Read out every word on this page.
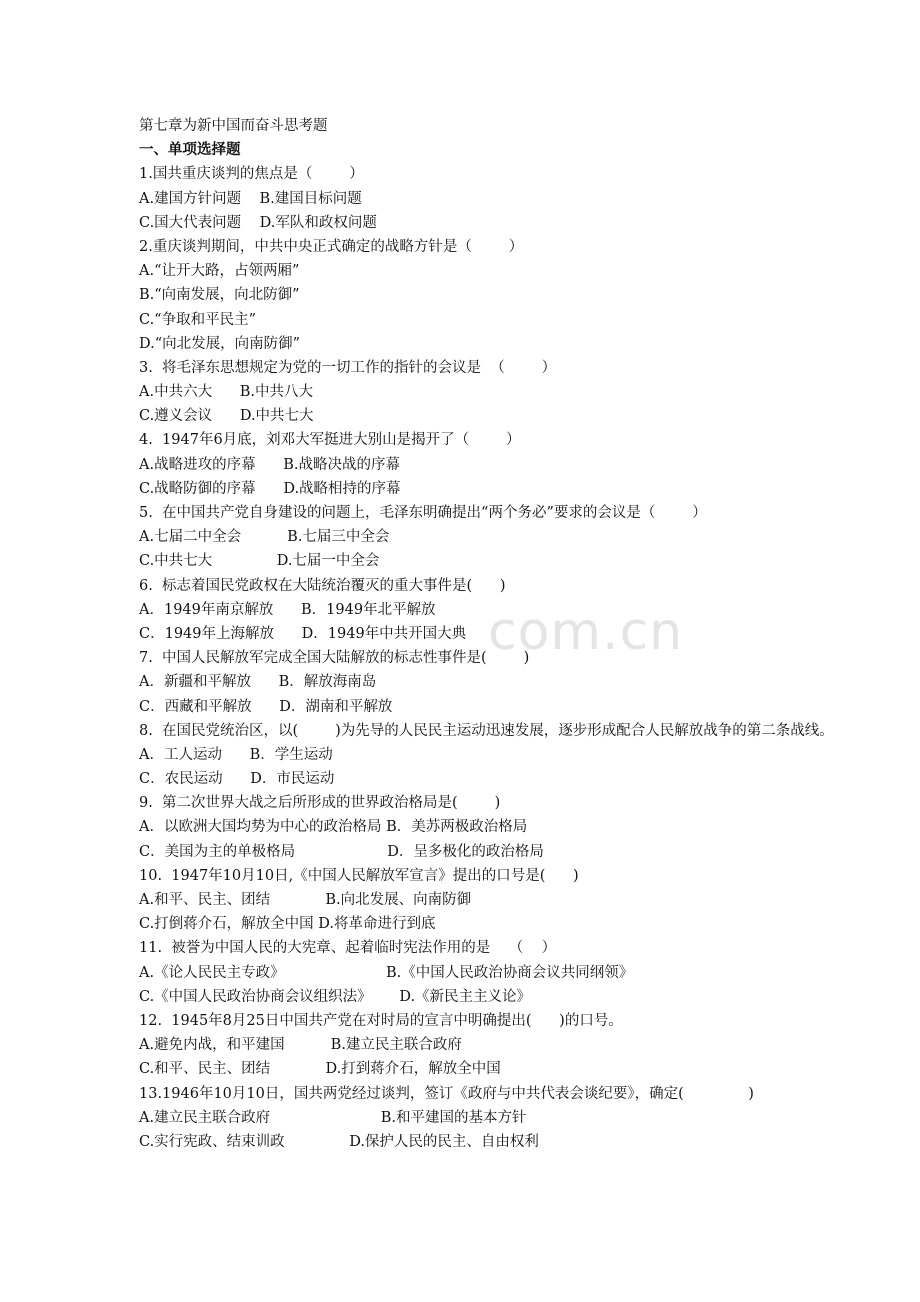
com.cn
第七章为新中国而奋斗思考题
一、单项选择题
1.国共重庆谈判的焦点是（        ）
A.建国方针问题    B.建国目标问题
C.国大代表问题    D.军队和政权问题
2.重庆谈判期间，中共中央正式确定的战略方针是（        ）
A.“让开大路，占领两厢”
B.“向南发展，向北防御”
C.“争取和平民主”
D.“向北发展，向南防御”
3.  将毛泽东思想规定为党的一切工作的指针的会议是  （        ）
A.中共六大      B.中共八大
C.遵义会议      D.中共七大
4.  1947年6月底，刘邓大军挺进大别山是揭开了（        ）
A.战略进攻的序幕      B.战略决战的序幕
C.战略防御的序幕      D.战略相持的序幕
5.  在中国共产党自身建设的问题上，毛泽东明确提出“两个务必”要求的会议是（        ）
A.七届二中全会          B.七届三中全会
C.中共七大              D.七届一中全会
6.  标志着国民党政权在大陆统治覆灭的重大事件是(      )
A．1949年南京解放      B．1949年北平解放
C．1949年上海解放      D．1949年中共开国大典
7.  中国人民解放军完成全国大陆解放的标志性事件是(        )
A．新疆和平解放      B．解放海南岛
C．西藏和平解放      D．湖南和平解放
8.  在国民党统治区，以(        )为先导的人民民主运动迅速发展，逐步形成配合人民解放战争的第二条战线。
A．工人运动      B．学生运动
C．农民运动      D．市民运动
9.  第二次世界大战之后所形成的世界政治格局是(        )
A．以欧洲大国均势为中心的政治格局 B．美苏两极政治格局
C．美国为主的单极格局                    D．呈多极化的政治格局
10.  1947年10月10日,《中国人民解放军宣言》提出的口号是(      )
A.和平、民主、团结            B.向北发展、向南防御
C.打倒蒋介石，解放全中国 D.将革命进行到底
11.  被誉为中国人民的大宪章、起着临时宪法作用的是    （    ）
A.《论人民民主专政》                      B.《中国人民政治协商会议共同纲领》
C.《中国人民政治协商会议组织法》      D.《新民主主义论》
12.  1945年8月25日中国共产党在对时局的宣言中明确提出(      )的口号。
A.避免内战，和平建国          B.建立民主联合政府
C.和平、民主、团结            D.打到蒋介石，解放全中国
13.1946年10月10日，国共两党经过谈判，签订《政府与中共代表会谈纪要》，确定(              )
A.建立民主联合政府                        B.和平建国的基本方针
C.实行宪政、结束训政              D.保护人民的民主、自由权利
